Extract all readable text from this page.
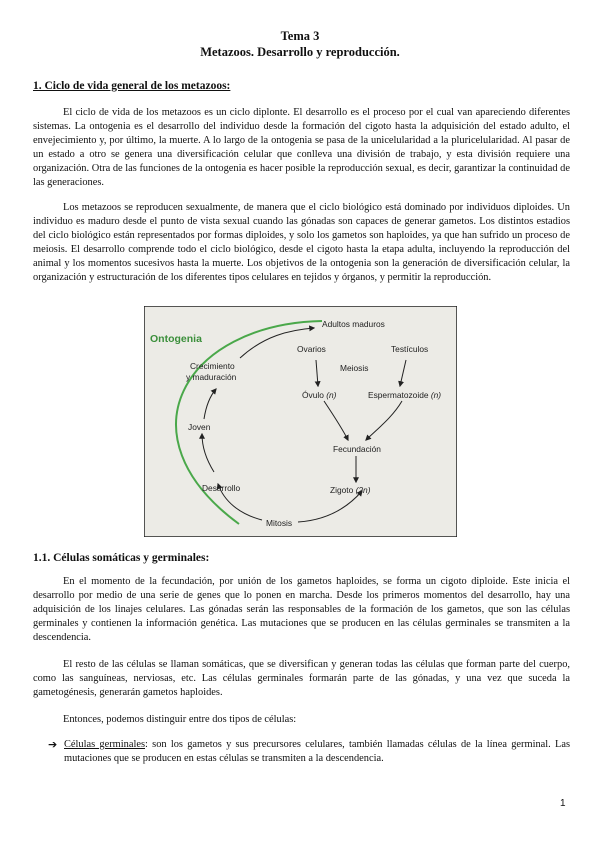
Tema 3
Metazoos. Desarrollo y reproducción.
1. Ciclo de vida general de los metazoos:

El ciclo de vida de los metazoos es un ciclo diplonte. El desarrollo es el proceso por el cual van apareciendo diferentes sistemas. La ontogenia es el desarrollo del individuo desde la formación del cigoto hasta la adquisición del estado adulto, el envejecimiento y, por último, la muerte. A lo largo de la ontogenia se pasa de la unicelularidad a la pluricelularidad. Al pasar de un estado a otro se genera una diversificación celular que conlleva una división de trabajo, y esta división requiere una organización. Otra de las funciones de la ontogenia es hacer posible la reproducción sexual, es decir, garantizar la continuidad de las generaciones.

Los metazoos se reproducen sexualmente, de manera que el ciclo biológico está dominado por individuos diploides. Un individuo es maduro desde el punto de vista sexual cuando las gónadas son capaces de generar gametos. Los distintos estadios del ciclo biológico están representados por formas diploides, y solo los gametos son haploides, ya que han sufrido un proceso de meiosis. El desarrollo comprende todo el ciclo biológico, desde el cigoto hasta la etapa adulta, incluyendo la reproducción del animal y los momentos sucesivos hasta la muerte. Los objetivos de la ontogenia son la generación de diversificación celular, la organización y estructuración de los diferentes tipos celulares en tejidos y órganos, y permitir la reproducción.

Ontogenia
Adultos maduros
Ovarios	Testículos
Meiosis
Crecimiento
y maduración
Óvulo (n)	Espermatozoide (n)
Joven
Fecundación
Desarrollo	Zigoto (2n)
Mitosis
1.1. Células somáticas y germinales:

En el momento de la fecundación, por unión de los gametos haploides, se forma un cigoto diploide. Este inicia el desarrollo por medio de una serie de genes que lo ponen en marcha. Desde los primeros momentos del desarrollo, hay una adquisición de los linajes celulares. Las gónadas serán las responsables de la formación de los gametos, que son las células germinales y contienen la información genética. Las mutaciones que se producen en las células germinales se transmiten a la descendencia.

El resto de las células se llaman somáticas, que se diversifican y generan todas las células que forman parte del cuerpo, como las sanguíneas, nerviosas, etc. Las células germinales formarán parte de las gónadas, y una vez que suceda la gametogénesis, generarán gametos haploides.

Entonces, podemos distinguir entre dos tipos de células:

➔ Células germinales: son los gametos y sus precursores celulares, también llamadas células de la línea germinal. Las mutaciones que se producen en estas células se transmiten a la descendencia.
1
